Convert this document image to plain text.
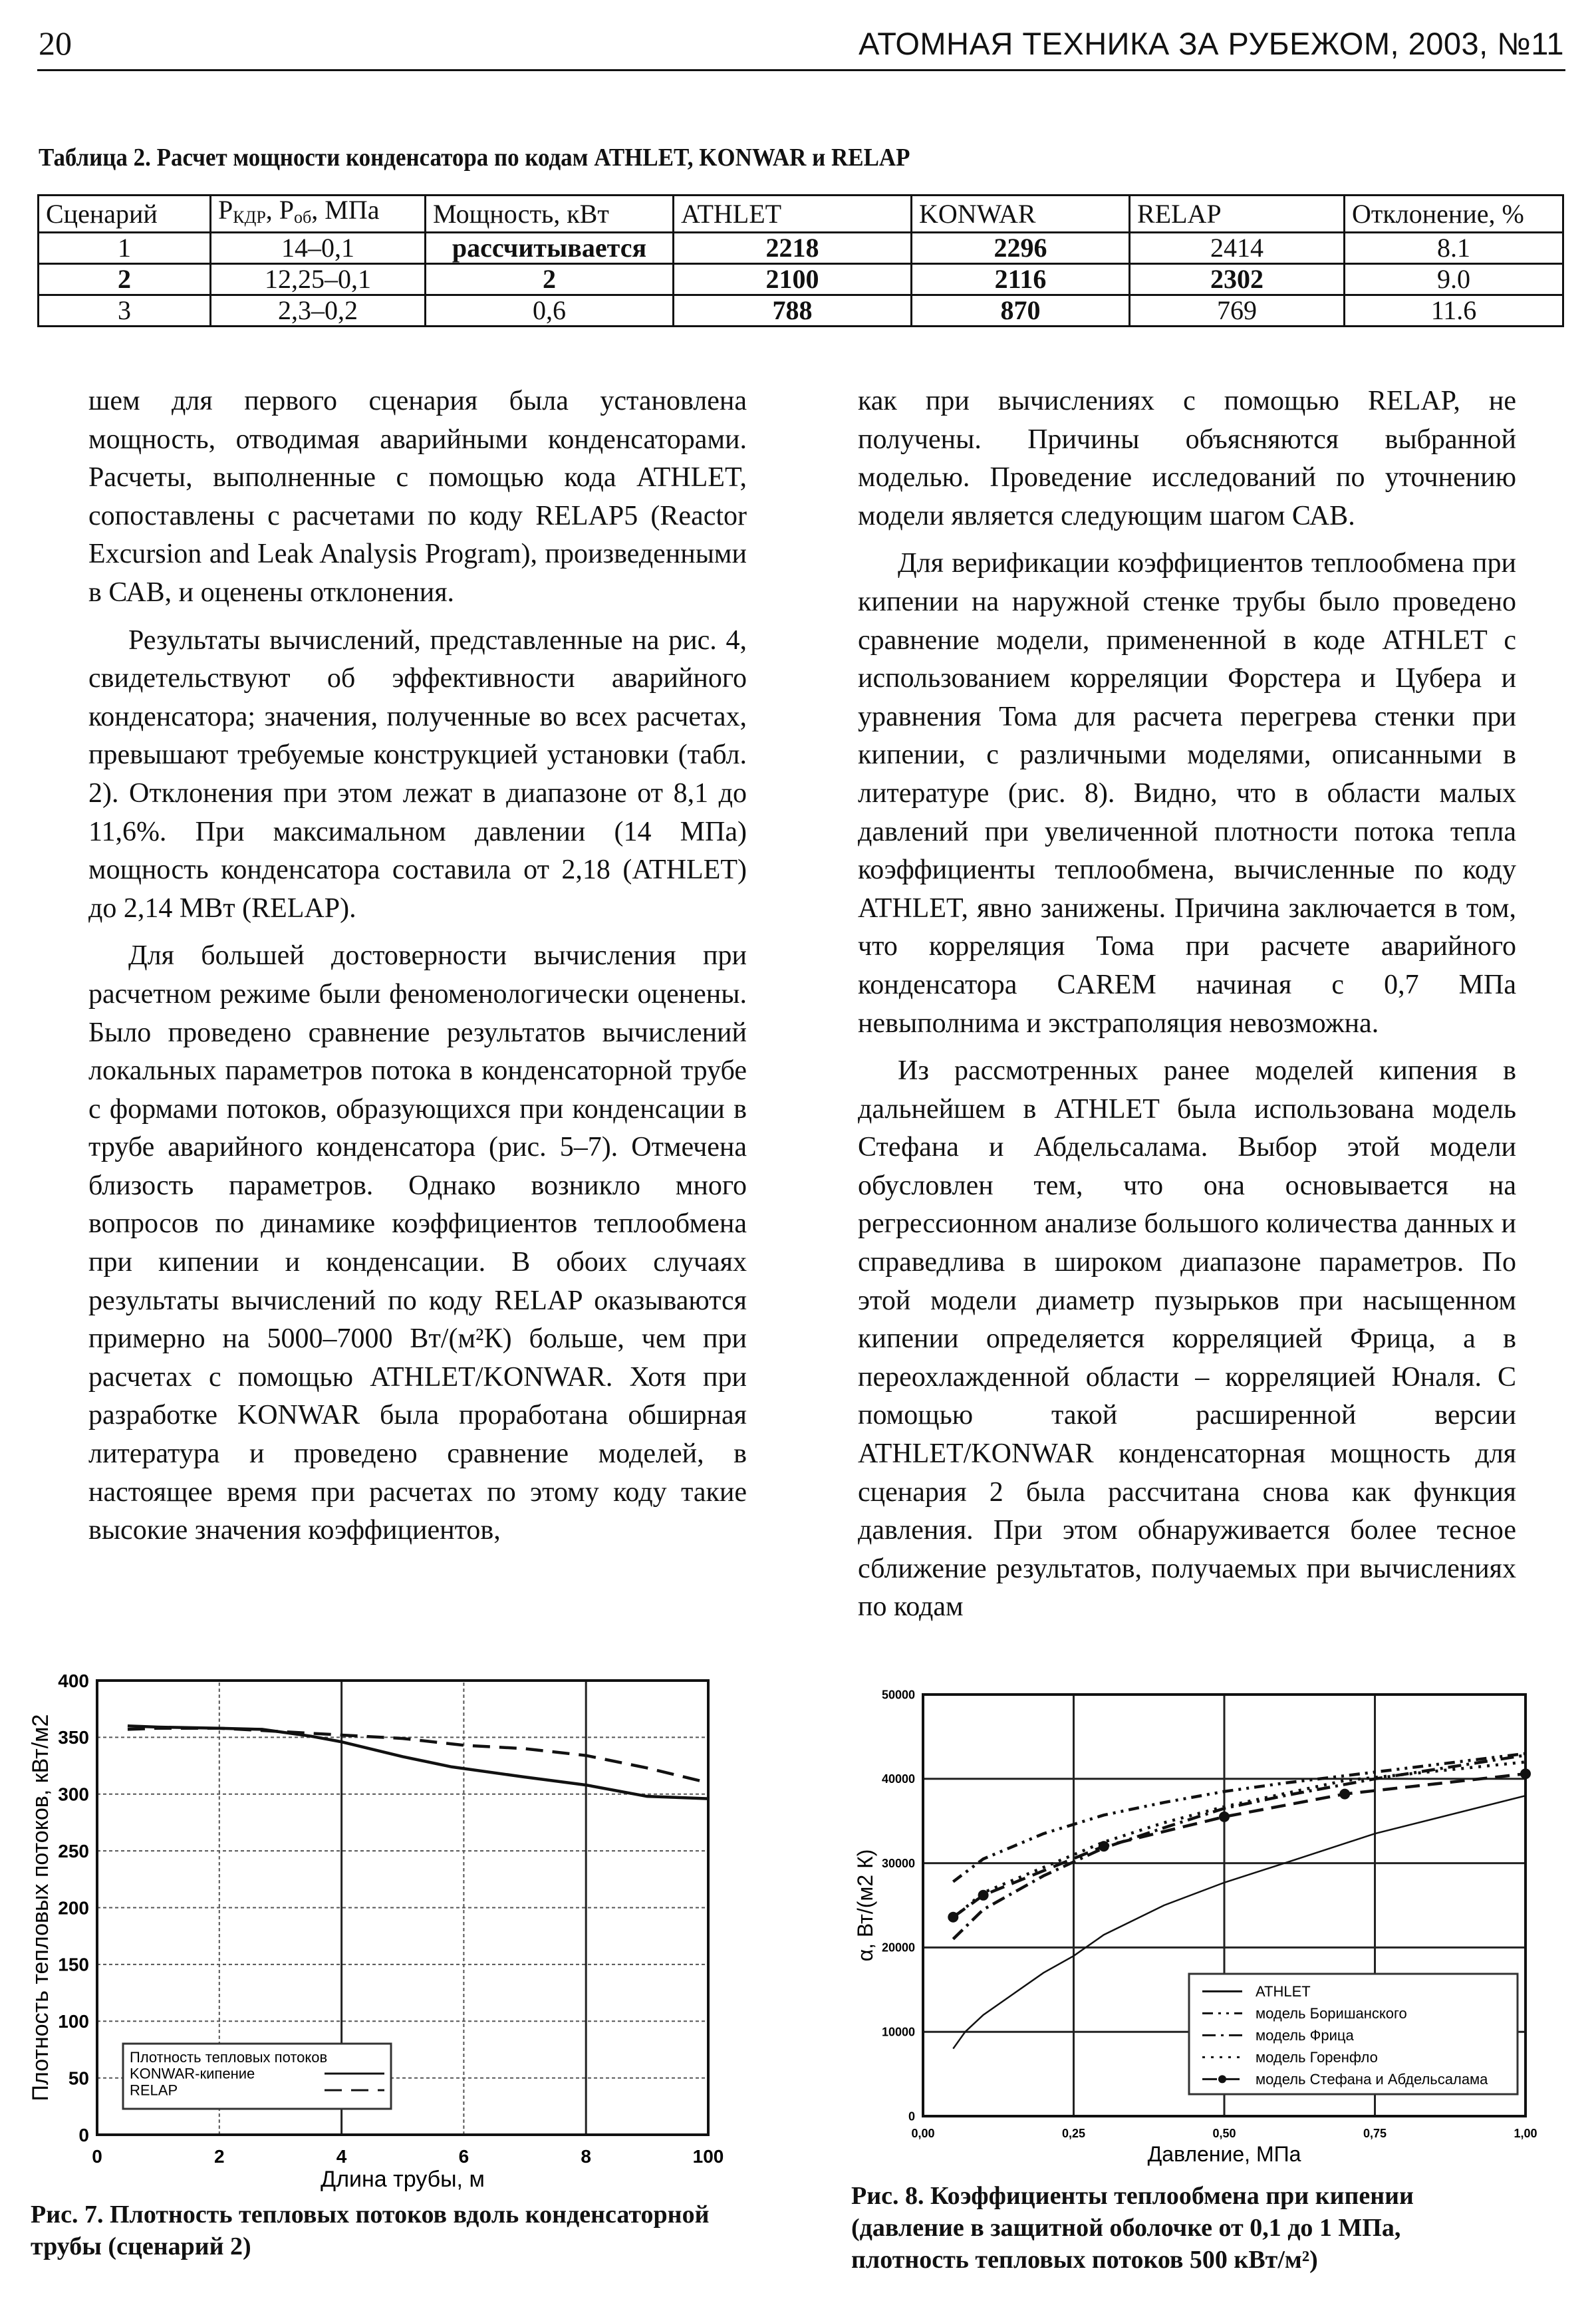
20	АТОМНАЯ ТЕХНИКА ЗА РУБЕЖОМ, 2003, №11
Таблица 2. Расчет мощности конденсатора по кодам ATHLET, KONWAR и RELAP
Сценарий	$P_{КДР}$, $P_{об}$, МПа	Мощность, кВт	ATHLET	KONWAR	RELAP	Отклонение, %
1	14–0,1	рассчитывается	2218	2296	2414	8.1
2	12,25–0,1	2	2100	2116	2302	9.0
3	2,3–0,2	0,6	788	870	769	11.6

шем для первого сценария была установлена мощность, отводимая аварийными конденсаторами. Расчеты, выполненные с помощью кода ATHLET, сопоставлены с расчетами по коду RELAP5 (Reactor Excursion and Leak Analysis Program), произведенными в САВ, и оценены отклонения.

Результаты вычислений, представленные на рис. 4, свидетельствуют об эффективности аварийного конденсатора; значения, полученные во всех расчетах, превышают требуемые конструкцией установки (табл. 2). Отклонения при этом лежат в диапазоне от 8,1 до 11,6%. При максимальном давлении (14 МПа) мощность конденсатора составила от 2,18 (ATHLET) до 2,14 МВт (RELAP).

Для большей достоверности вычисления при расчетном режиме были феноменологически оценены. Было проведено сравнение результатов вычислений локальных параметров потока в конденсаторной трубе с формами потоков, образующихся при конденсации в трубе аварийного конденсатора (рис. 5–7). Отмечена близость параметров. Однако возникло много вопросов по динамике коэффициентов теплообмена при кипении и конденсации. В обоих случаях результаты вычислений по коду RELAP оказываются примерно на 5000–7000 Вт/(м²К) больше, чем при расчетах с помощью ATHLET/KONWAR. Хотя при разработке KONWAR была проработана обширная литература и проведено сравнение моделей, в настоящее время при расчетах по этому коду такие высокие значения коэффициентов,

как при вычислениях с помощью RELAP, не получены. Причины объясняются выбранной моделью. Проведение исследований по уточнению модели является следующим шагом САВ.

Для верификации коэффициентов теплообмена при кипении на наружной стенке трубы было проведено сравнение модели, примененной в коде ATHLET с использованием корреляции Форстера и Цубера и уравнения Тома для расчета перегрева стенки при кипении, с различными моделями, описанными в литературе (рис. 8). Видно, что в области малых давлений при увеличенной плотности потока тепла коэффициенты теплообмена, вычисленные по коду ATHLET, явно занижены. Причина заключается в том, что корреляция Тома при расчете аварийного конденсатора CAREM начиная с 0,7 МПа невыполнима и экстраполяция невозможна.

Из рассмотренных ранее моделей кипения в дальнейшем в ATHLET была использована модель Стефана и Абдельсалама. Выбор этой модели обусловлен тем, что она основывается на регрессионном анализе большого количества данных и справедлива в широком диапазоне параметров. По этой модели диаметр пузырьков при насыщенном кипении определяется корреляцией Фрица, а в переохлажденной области – корреляцией Юналя. С помощью такой расширенной версии ATHLET/KONWAR конденсаторная мощность для сценария 2 была рассчитана снова как функция давления. При этом обнаруживается более тесное сближение результатов, получаемых при вычислениях по кодам

0
50
100
150
200
250
300
350
400
0	2	4	6	8	100
Длина трубы, м
Плотность тепловых потоков, кВт/м2	Плотность тепловых потоков
KONWAR-кипение
RELAP
0
10000
20000
30000
40000
50000
0,00	0,25	0,50	0,75	1,00
Давление, МПа
α, Вт/(м2 К)
ATHLET
модель Боришанского
модель Фрица
модель Горенфло
модель Стефана и Абдельсалама
Рис. 7. Плотность тепловых потоков вдоль конденсаторной трубы (сценарий 2)
Рис. 8. Коэффициенты теплообмена при кипении (давление в защитной оболочке от 0,1 до 1 МПа, плотность тепловых потоков 500 кВт/м²)
